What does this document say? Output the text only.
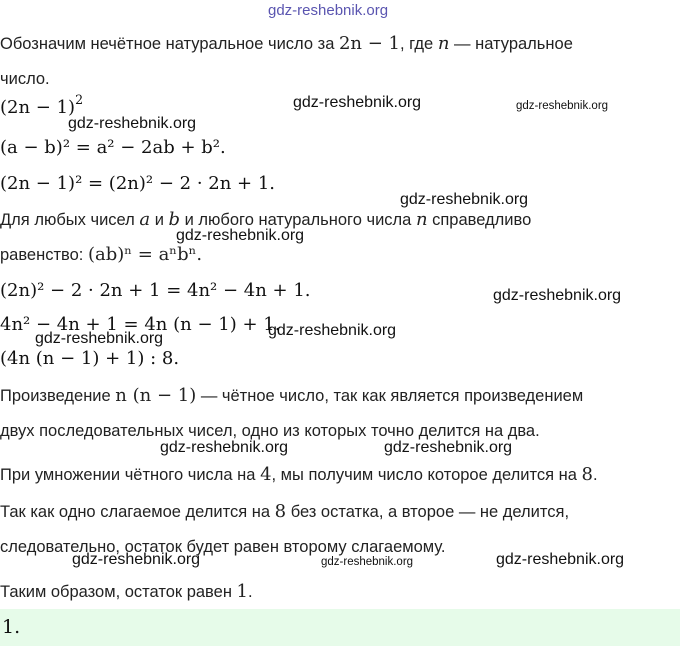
gdz-reshebnik.org
Обозначим нечётное натуральное число за 2n − 1, где n — натуральное
число.
$(2n - 1)^2$
(a − b)² = a² − 2ab + b².
(2n − 1)² = (2n)² − 2 · 2n + 1.
Для любых чисел a и b и любого натурального числа n справедливо
равенство: (ab)ⁿ = aⁿbⁿ.
(2n)² − 2 · 2n + 1 = 4n² − 4n + 1.
4n² − 4n + 1 = 4n (n − 1) + 1.
(4n (n − 1) + 1) : 8.
Произведение n (n − 1) — чётное число, так как является произведением
двух последовательных чисел, одно из которых точно делится на два.
При умножении чётного числа на 4, мы получим число которое делится на 8.
Так как одно слагаемое делится на 8 без остатка, а второе — не делится,
следовательно, остаток будет равен второму слагаемому.
Таким образом, остаток равен 1.
1.
gdz-reshebnik.org	gdz-reshebnik.org
gdz-reshebnik.org
gdz-reshebnik.org
gdz-reshebnik.org
gdz-reshebnik.org
gdz-reshebnik.org
gdz-reshebnik.org
gdz-reshebnik.org	gdz-reshebnik.org
gdz-reshebnik.org	gdz-reshebnik.org	gdz-reshebnik.org
